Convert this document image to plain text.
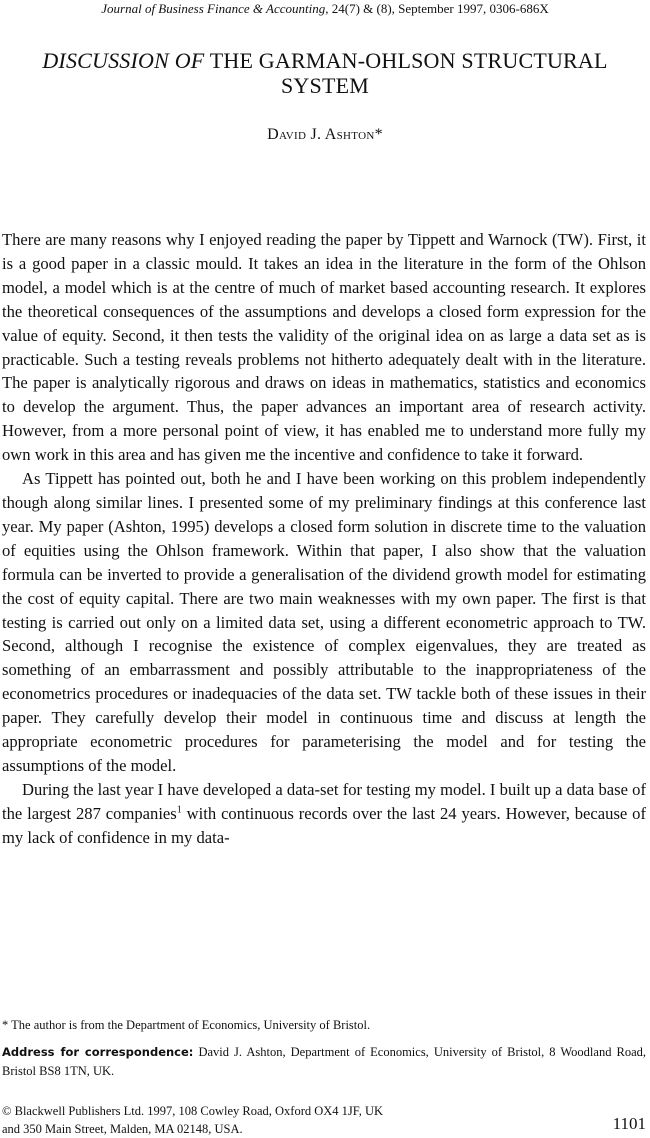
Journal of Business Finance & Accounting, 24(7) & (8), September 1997, 0306-686X
DISCUSSION OF THE GARMAN-OHLSON STRUCTURAL
SYSTEM
David J. Ashton*

There are many reasons why I enjoyed reading the paper by Tippett and Warnock (TW). First, it is a good paper in a classic mould. It takes an idea in the literature in the form of the Ohlson model, a model which is at the centre of much of market based accounting research. It explores the theoretical consequences of the assumptions and develops a closed form expression for the value of equity. Second, it then tests the validity of the original idea on as large a data set as is practicable. Such a testing reveals problems not hitherto adequately dealt with in the literature. The paper is analytically rigorous and draws on ideas in mathematics, statistics and economics to develop the argument. Thus, the paper advances an important area of research activity. However, from a more personal point of view, it has enabled me to understand more fully my own work in this area and has given me the incentive and confidence to take it forward.

As Tippett has pointed out, both he and I have been working on this problem independently though along similar lines. I presented some of my preliminary findings at this conference last year. My paper (Ashton, 1995) develops a closed form solution in discrete time to the valuation of equities using the Ohlson framework. Within that paper, I also show that the valuation formula can be inverted to provide a generalisation of the dividend growth model for estimating the cost of equity capital. There are two main weaknesses with my own paper. The first is that testing is carried out only on a limited data set, using a different econometric approach to TW. Second, although I recognise the existence of complex eigenvalues, they are treated as something of an embarrassment and possibly attributable to the inappropriateness of the econometrics procedures or inadequacies of the data set. TW tackle both of these issues in their paper. They carefully develop their model in continuous time and discuss at length the appropriate econometric procedures for parameterising the model and for testing the assumptions of the model.

During the last year I have developed a data-set for testing my model. I built up a data base of the largest 287 companies$^1$ with continuous records over the last 24 years. However, because of my lack of confidence in my data-

* The author is from the Department of Economics, University of Bristol.
Address for correspondence: David J. Ashton, Department of Economics, University of Bristol, 8 Woodland Road, Bristol BS8 1TN, UK.
© Blackwell Publishers Ltd. 1997, 108 Cowley Road, Oxford OX4 1JF, UK
and 350 Main Street, Malden, MA 02148, USA.	1101
